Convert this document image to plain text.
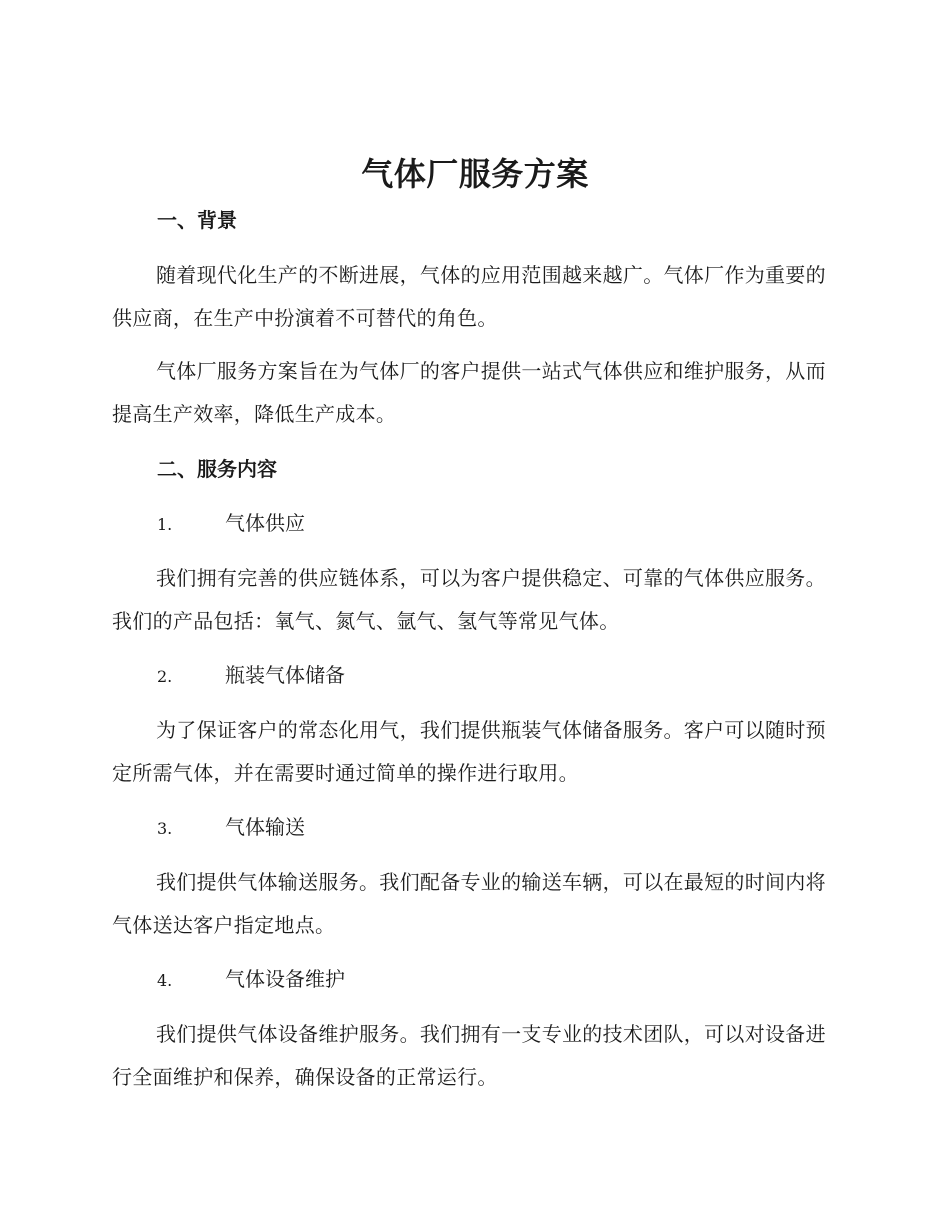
气体厂服务方案
一、背景

随着现代化生产的不断进展，气体的应用范围越来越广。气体厂作为重要的供应商，在生产中扮演着不可替代的角色。

气体厂服务方案旨在为气体厂的客户提供一站式气体供应和维护服务，从而提高生产效率，降低生产成本。

二、服务内容
1.	气体供应

我们拥有完善的供应链体系，可以为客户提供稳定、可靠的气体供应服务。我们的产品包括：氧气、氮气、氩气、氢气等常见气体。

2.	瓶装气体储备

为了保证客户的常态化用气，我们提供瓶装气体储备服务。客户可以随时预定所需气体，并在需要时通过简单的操作进行取用。

3.	气体输送

我们提供气体输送服务。我们配备专业的输送车辆，可以在最短的时间内将气体送达客户指定地点。

4.	气体设备维护

我们提供气体设备维护服务。我们拥有一支专业的技术团队，可以对设备进行全面维护和保养，确保设备的正常运行。
